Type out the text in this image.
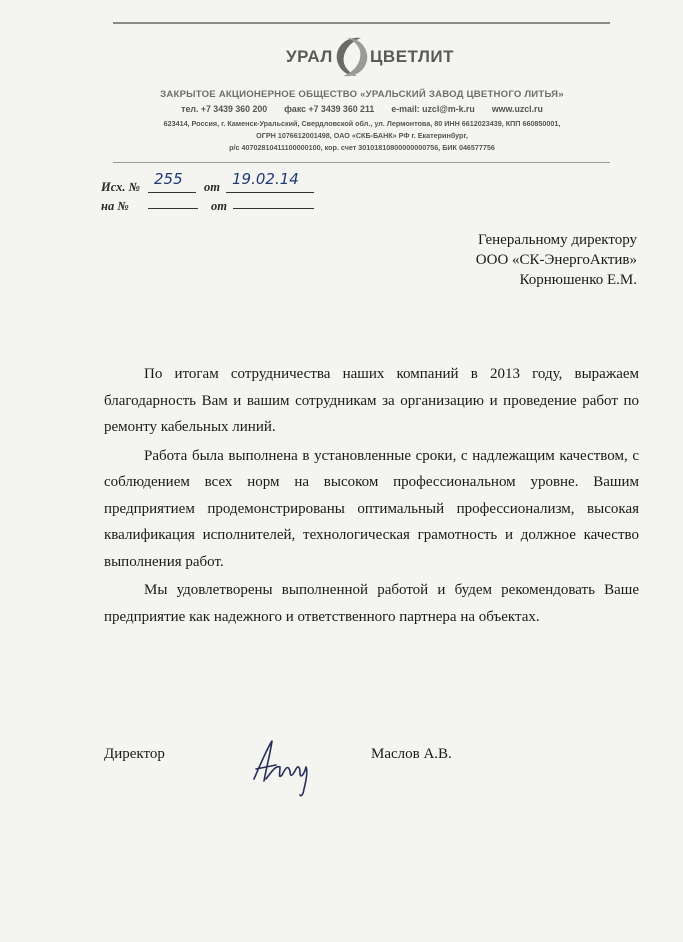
УРАЛ ЦВЕТЛИТ
ЗАКРЫТОЕ АКЦИОНЕРНОЕ ОБЩЕСТВО «УРАЛЬСКИЙ ЗАВОД ЦВЕТНОГО ЛИТЬЯ»
тел. +7 3439 360 200 факс +7 3439 360 211 e-mail: uzcl@m-k.ru www.uzcl.ru
623414, Россия, г. Каменск-Уральский, Свердловской обл., ул. Лермонтова, 80 ИНН 6612023439, КПП 660850001,
ОГРН 1076612001498, ОАО «СКБ-БАНК» РФ г. Екатеринбург,
р/с 40702810411100000100, кор. счет 30101810800000000756, БИК 046577756
Исх. № 255 от 19.02.14
на №	от
Генеральному директору
ООО «СК-ЭнергоАктив»
Корнюшенко Е.М.

По итогам сотрудничества наших компаний в 2013 году, выражаем благодарность Вам и вашим сотрудникам за организацию и проведение работ по ремонту кабельных линий.

Работа была выполнена в установленные сроки, с надлежащим качеством, с соблюдением всех норм на высоком профессиональном уровне. Вашим предприятием продемонстрированы оптимальный профессионализм, высокая квалификация исполнителей, технологическая грамотность и должное качество выполнения работ.

Мы удовлетворены выполненной работой и будем рекомендовать Ваше предприятие как надежного и ответственного партнера на объектах.

Директор	Маслов А.В.
